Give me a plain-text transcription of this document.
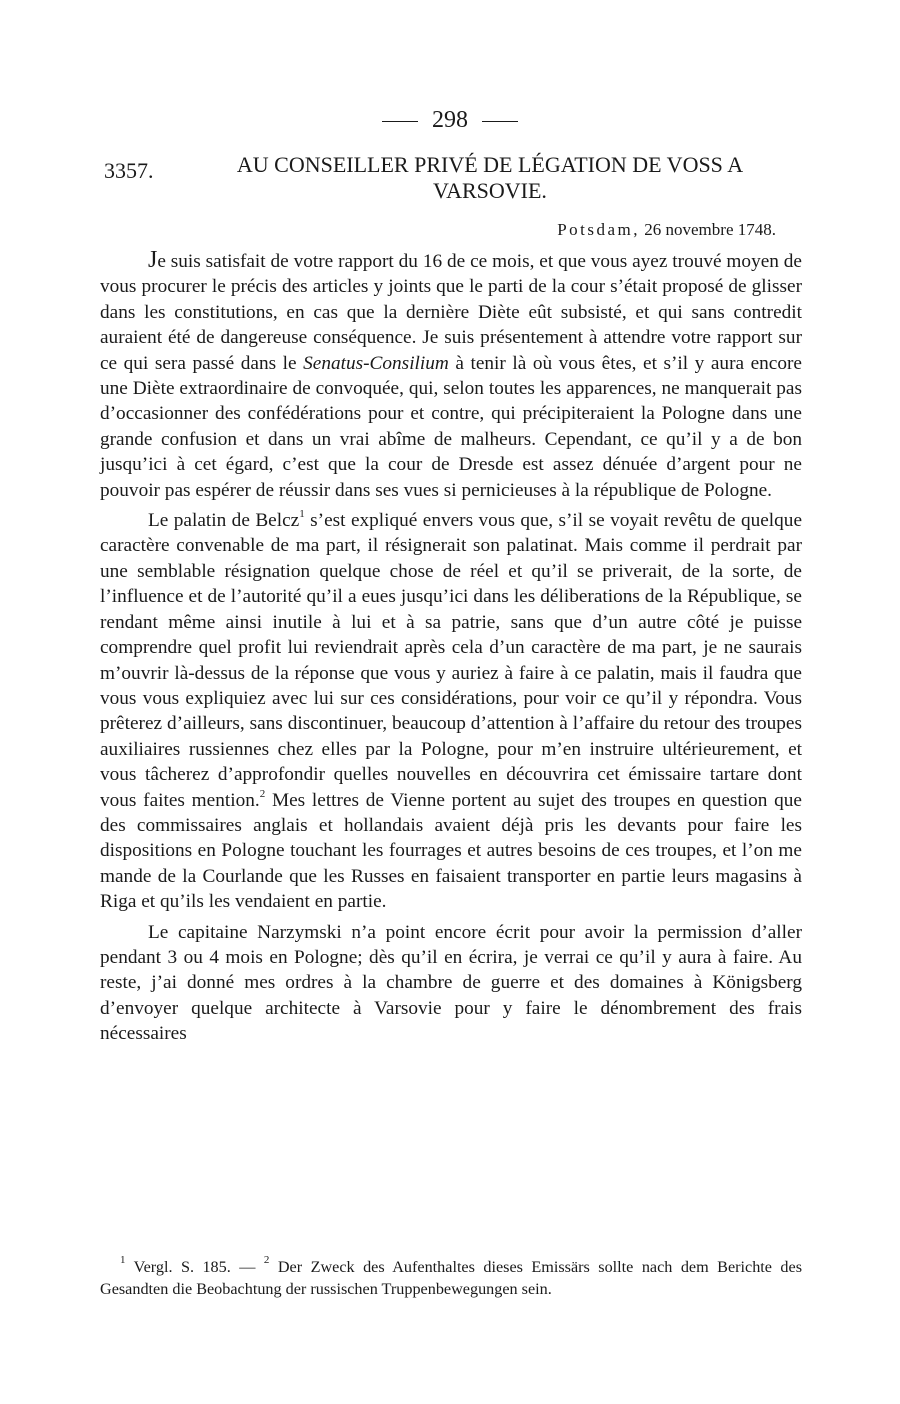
298
3357.	AU CONSEILLER PRIVÉ DE LÉGATION DE VOSS A VARSOVIE.
Potsdam, 26 novembre 1748.

Je suis satisfait de votre rapport du 16 de ce mois, et que vous ayez trouvé moyen de vous procurer le précis des articles y joints que le parti de la cour s’était proposé de glisser dans les constitutions, en cas que la dernière Diète eût subsisté, et qui sans contredit auraient été de dangereuse conséquence. Je suis présentement à attendre votre rapport sur ce qui sera passé dans le Senatus-Consilium à tenir là où vous êtes, et s’il y aura encore une Diète extraordinaire de convoquée, qui, selon toutes les apparences, ne manquerait pas d’occasionner des confédérations pour et contre, qui précipiteraient la Pologne dans une grande confusion et dans un vrai abîme de malheurs. Cependant, ce qu’il y a de bon jusqu’ici à cet égard, c’est que la cour de Dresde est assez dénuée d’argent pour ne pouvoir pas espérer de réussir dans ses vues si pernicieuses à la république de Pologne.

Le palatin de Belcz$^1$ s’est expliqué envers vous que, s’il se voyait revêtu de quelque caractère convenable de ma part, il résignerait son palatinat. Mais comme il perdrait par une semblable résignation quelque chose de réel et qu’il se priverait, de la sorte, de l’influence et de l’autorité qu’il a eues jusqu’ici dans les déliberations de la République, se rendant même ainsi inutile à lui et à sa patrie, sans que d’un autre côté je puisse comprendre quel profit lui reviendrait après cela d’un caractère de ma part, je ne saurais m’ouvrir là-dessus de la réponse que vous y auriez à faire à ce palatin, mais il faudra que vous vous expliquiez avec lui sur ces considérations, pour voir ce qu’il y répondra. Vous prêterez d’ailleurs, sans discontinuer, beaucoup d’attention à l’affaire du retour des troupes auxiliaires russiennes chez elles par la Pologne, pour m’en instruire ultérieurement, et vous tâcherez d’approfondir quelles nouvelles en découvrira cet émissaire tartare dont vous faites mention.$^2$ Mes lettres de Vienne portent au sujet des troupes en question que des commissaires anglais et hollandais avaient déjà pris les devants pour faire les dispositions en Pologne touchant les fourrages et autres besoins de ces troupes, et l’on me mande de la Courlande que les Russes en faisaient transporter en partie leurs magasins à Riga et qu’ils les vendaient en partie.

Le capitaine Narzymski n’a point encore écrit pour avoir la permission d’aller pendant 3 ou 4 mois en Pologne; dès qu’il en écrira, je verrai ce qu’il y aura à faire. Au reste, j’ai donné mes ordres à la chambre de guerre et des domaines à Königsberg d’envoyer quelque architecte à Varsovie pour y faire le dénombrement des frais nécessaires

$^1$ Vergl. S. 185. — $^2$ Der Zweck des Aufenthaltes dieses Emissärs sollte nach dem Berichte des Gesandten die Beobachtung der russischen Truppenbewegungen sein.
